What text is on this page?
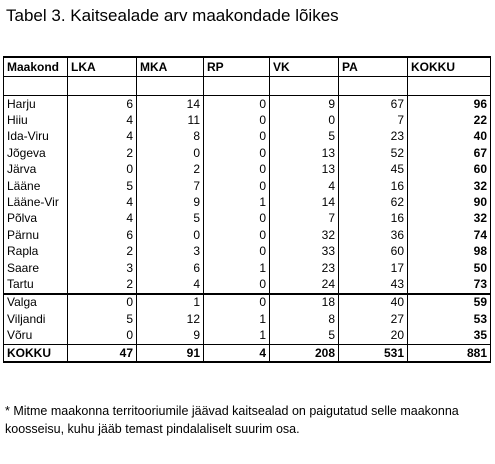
Tabel 3. Kaitsealade arv maakondade lõikes
Maakond	LKA	MKA	RP	VK	PA	KOKKU

Harju	6	14	0	9	67	96
Hiiu	4	11	0	0	7	22
Ida-Viru	4	8	0	5	23	40
Jõgeva	2	0	0	13	52	67
Järva	0	2	0	13	45	60
Lääne	5	7	0	4	16	32
Lääne-Vir	4	9	1	14	62	90
Põlva	4	5	0	7	16	32
Pärnu	6	0	0	32	36	74
Rapla	2	3	0	33	60	98
Saare	3	6	1	23	17	50
Tartu	2	4	0	24	43	73
Valga	0	1	0	18	40	59
Viljandi	5	12	1	8	27	53
Võru	0	9	1	5	20	35
KOKKU	47	91	4	208	531	881
* Mitme maakonna territooriumile jäävad kaitsealad on paigutatud selle maakonna koosseisu, kuhu jääb temast pindalaliselt suurim osa.
